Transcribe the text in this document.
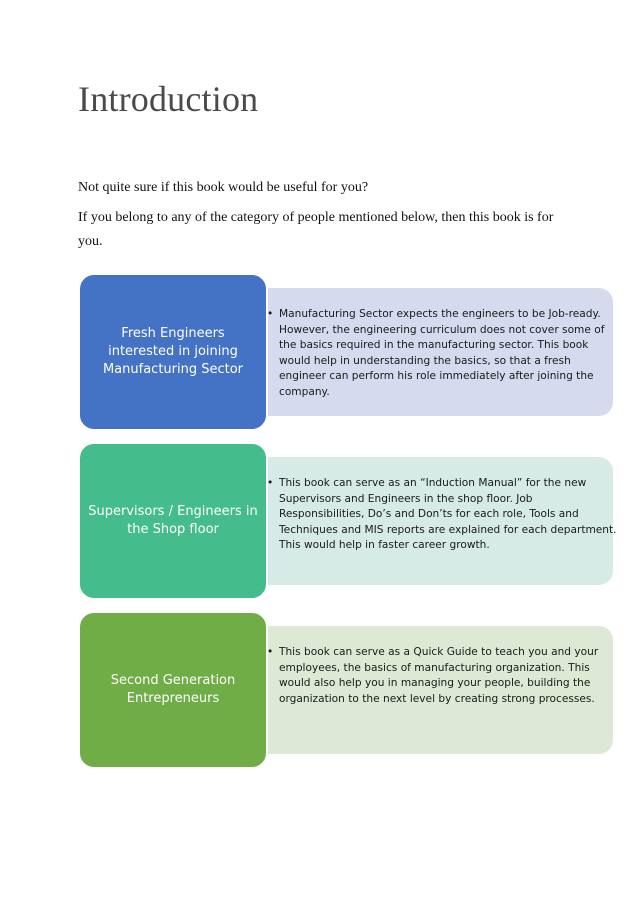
Introduction

Not quite sure if this book would be useful for you?

If you belong to any of the category of people mentioned below, then this book is for you.

Fresh Engineers interested in joining Manufacturing Sector
• Manufacturing Sector expects the engineers to be Job-ready. However, the engineering curriculum does not cover some of the basics required in the manufacturing sector. This book would help in understanding the basics, so that a fresh engineer can perform his role immediately after joining the company.
Supervisors / Engineers in the Shop floor
• This book can serve as an “Induction Manual” for the new Supervisors and Engineers in the shop floor. Job Responsibilities, Do’s and Don’ts for each role, Tools and Techniques and MIS reports are explained for each department. This would help in faster career growth.
Second Generation Entrepreneurs
• This book can serve as a Quick Guide to teach you and your employees, the basics of manufacturing organization. This would also help you in managing your people, building the organization to the next level by creating strong processes.
